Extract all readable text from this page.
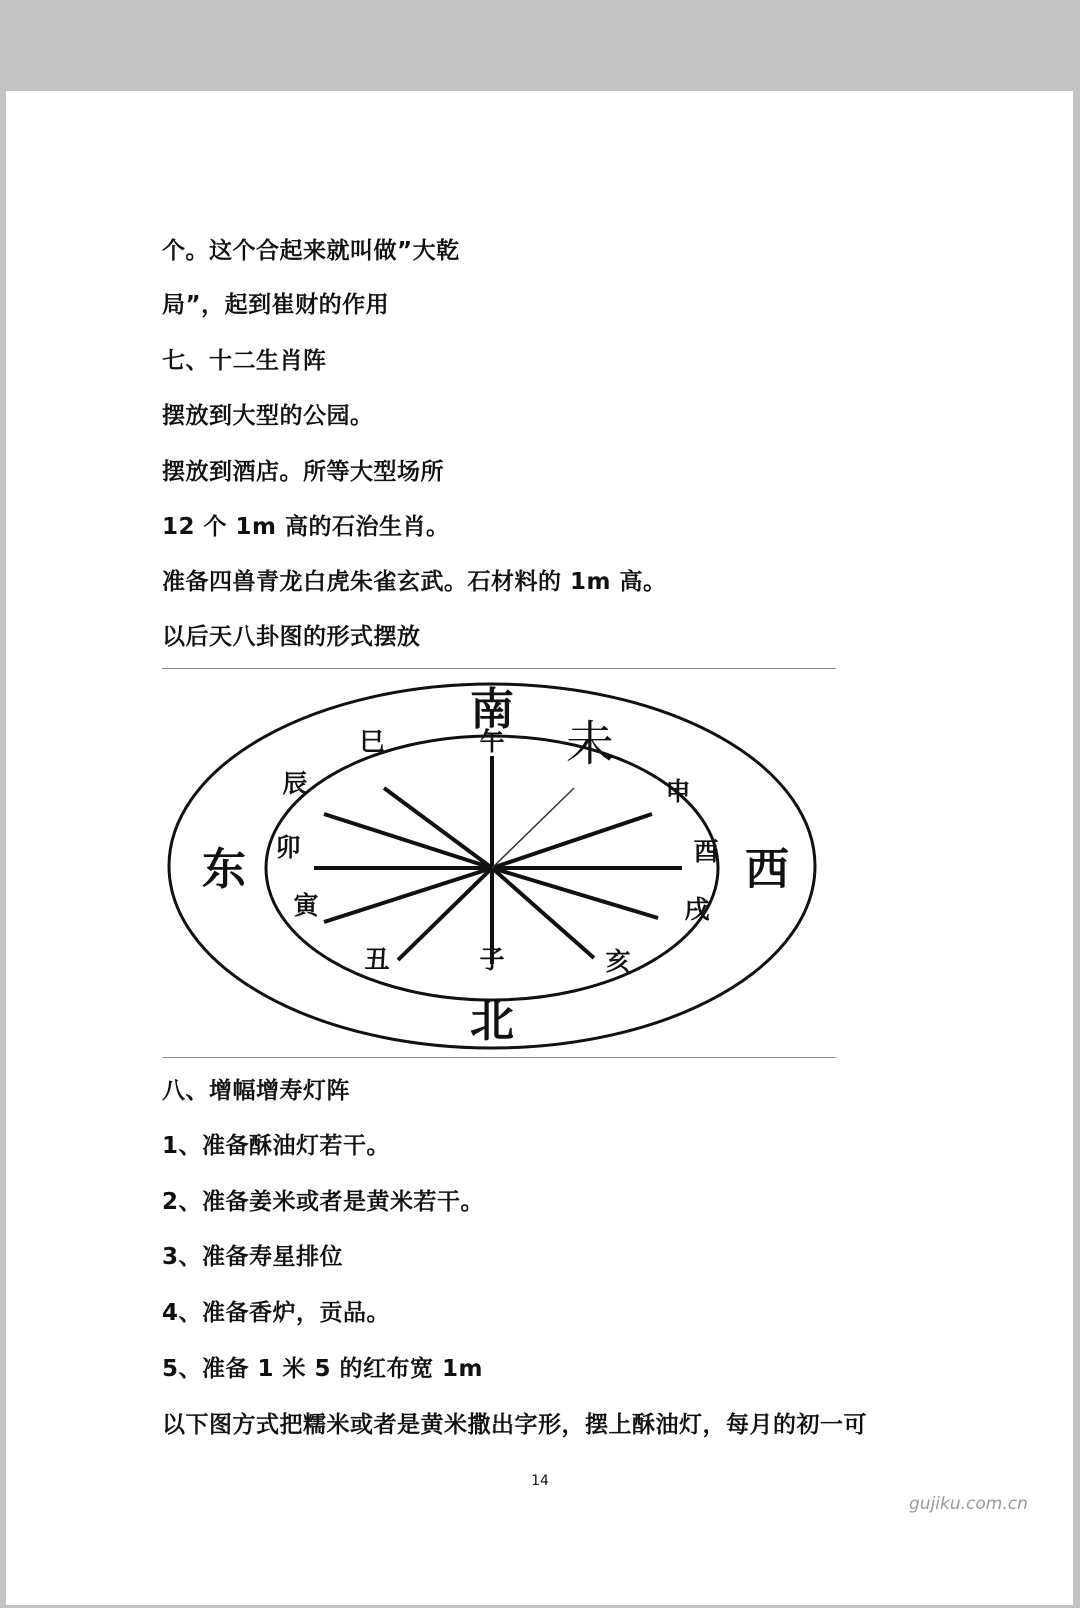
个。这个合起来就叫做”大乾
局”，起到崔财的作用
七、十二生肖阵
摆放到大型的公园。
摆放到酒店。所等大型场所
12 个 1m 高的石治生肖。
准备四兽青龙白虎朱雀玄武。石材料的 1m 高。
以后天八卦图的形式摆放
南
北
东	西
午 未
巳
辰
卯
寅
丑	子	亥
戌
酉
申
八、增幅增寿灯阵
1、准备酥油灯若干。
2、准备姜米或者是黄米若干。
3、准备寿星排位
4、准备香炉，贡品。
5、准备 1 米 5 的红布宽 1m
以下图方式把糯米或者是黄米撒出字形，摆上酥油灯，每月的初一可
14
gujiku.com.cn
